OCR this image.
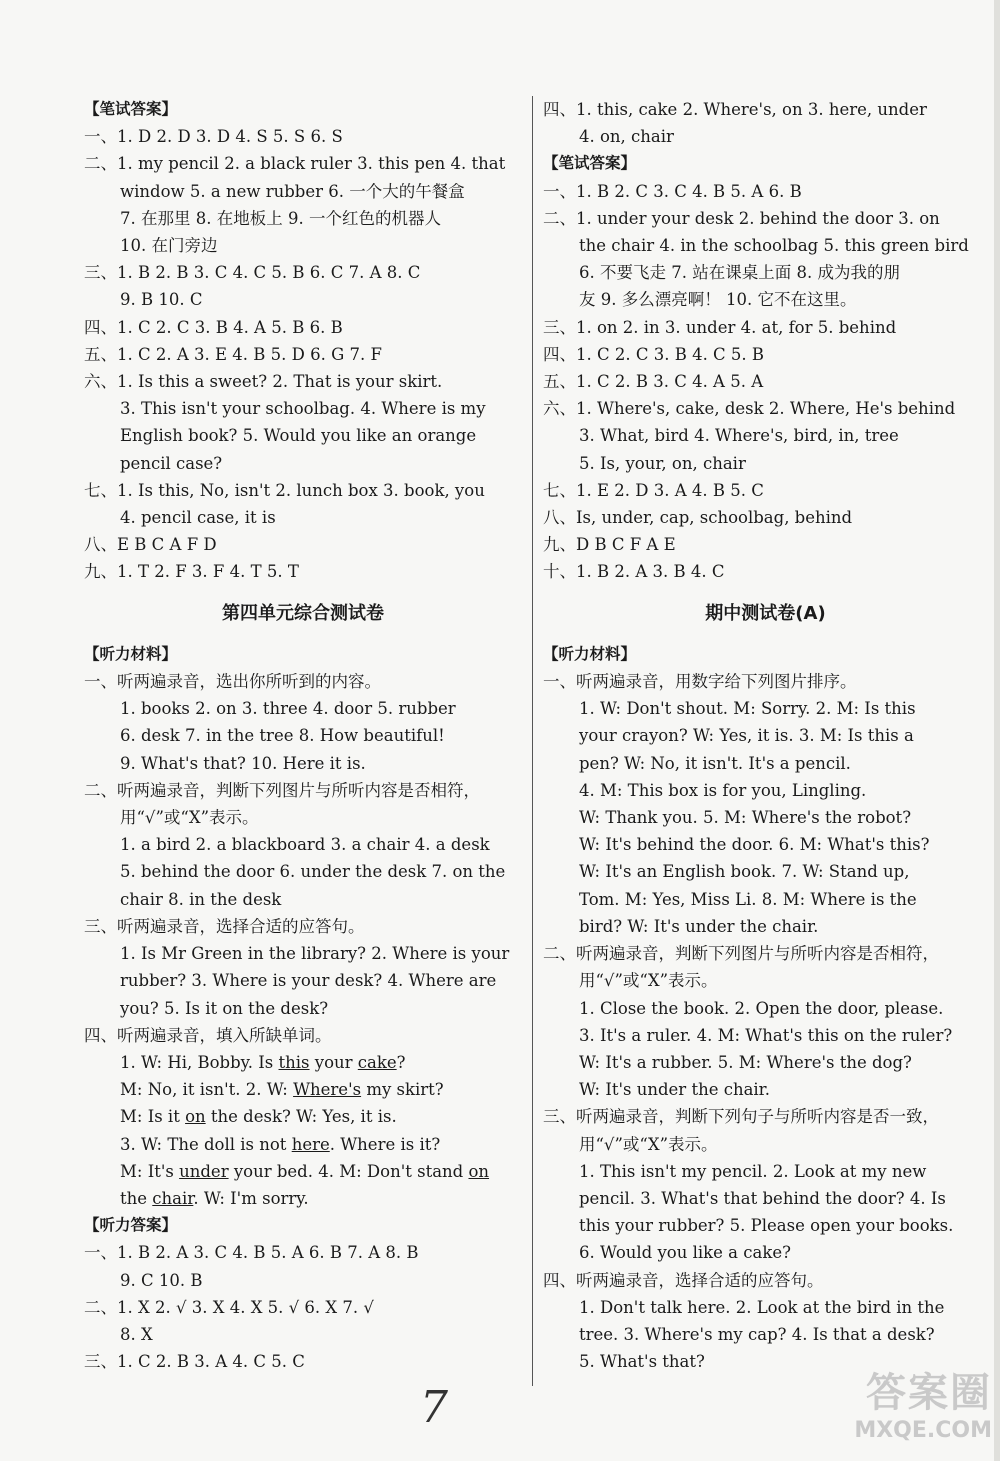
【笔试答案】
一、1. D 2. D 3. D 4. S 5. S 6. S
二、1. my pencil 2. a black ruler 3. this pen 4. that
window 5. a new rubber 6. 一个大的午餐盒
7. 在那里 8. 在地板上 9. 一个红色的机器人
10. 在门旁边
三、1. B 2. B 3. C 4. C 5. B 6. C 7. A 8. C
9. B 10. C
四、1. C 2. C 3. B 4. A 5. B 6. B
五、1. C 2. A 3. E 4. B 5. D 6. G 7. F
六、1. Is this a sweet? 2. That is your skirt.
3. This isn't your schoolbag. 4. Where is my
English book? 5. Would you like an orange
pencil case?
七、1. Is this, No, isn't 2. lunch box 3. book, you
4. pencil case, it is
八、E B C A F D
九、1. T 2. F 3. F 4. T 5. T
第四单元综合测试卷
【听力材料】
一、听两遍录音，选出你所听到的内容。
1. books 2. on 3. three 4. door 5. rubber
6. desk 7. in the tree 8. How beautiful!
9. What's that? 10. Here it is.
二、听两遍录音，判断下列图片与所听内容是否相符，
用“√”或“X”表示。
1. a bird 2. a blackboard 3. a chair 4. a desk
5. behind the door 6. under the desk 7. on the
chair 8. in the desk
三、听两遍录音，选择合适的应答句。
1. Is Mr Green in the library? 2. Where is your
rubber? 3. Where is your desk? 4. Where are
you? 5. Is it on the desk?
四、听两遍录音，填入所缺单词。
1. W: Hi, Bobby. Is this your cake?
M: No, it isn't. 2. W: Where's my skirt?
M: Is it on the desk? W: Yes, it is.
3. W: The doll is not here. Where is it?
M: It's under your bed. 4. M: Don't stand on
the chair. W: I'm sorry.
【听力答案】
一、1. B 2. A 3. C 4. B 5. A 6. B 7. A 8. B
9. C 10. B
二、1. X 2. √ 3. X 4. X 5. √ 6. X 7. √
8. X
三、1. C 2. B 3. A 4. C 5. C
四、1. this, cake 2. Where's, on 3. here, under
4. on, chair
【笔试答案】
一、1. B 2. C 3. C 4. B 5. A 6. B
二、1. under your desk 2. behind the door 3. on
the chair 4. in the schoolbag 5. this green bird
6. 不要飞走 7. 站在课桌上面 8. 成为我的朋
友 9. 多么漂亮啊！ 10. 它不在这里。
三、1. on 2. in 3. under 4. at, for 5. behind
四、1. C 2. C 3. B 4. C 5. B
五、1. C 2. B 3. C 4. A 5. A
六、1. Where's, cake, desk 2. Where, He's behind
3. What, bird 4. Where's, bird, in, tree
5. Is, your, on, chair
七、1. E 2. D 3. A 4. B 5. C
八、Is, under, cap, schoolbag, behind
九、D B C F A E
十、1. B 2. A 3. B 4. C
期中测试卷(A)
【听力材料】
一、听两遍录音，用数字给下列图片排序。
1. W: Don't shout. M: Sorry. 2. M: Is this
your crayon? W: Yes, it is. 3. M: Is this a
pen? W: No, it isn't. It's a pencil.
4. M: This box is for you, Lingling.
W: Thank you. 5. M: Where's the robot?
W: It's behind the door. 6. M: What's this?
W: It's an English book. 7. W: Stand up,
Tom. M: Yes, Miss Li. 8. M: Where is the
bird? W: It's under the chair.
二、听两遍录音，判断下列图片与所听内容是否相符，
用“√”或“X”表示。
1. Close the book. 2. Open the door, please.
3. It's a ruler. 4. M: What's this on the ruler?
W: It's a rubber. 5. M: Where's the dog?
W: It's under the chair.
三、听两遍录音，判断下列句子与所听内容是否一致，
用“√”或“X”表示。
1. This isn't my pencil. 2. Look at my new
pencil. 3. What's that behind the door? 4. Is
this your rubber? 5. Please open your books.
6. Would you like a cake?
四、听两遍录音，选择合适的应答句。
1. Don't talk here. 2. Look at the bird in the
tree. 3. Where's my cap? 4. Is that a desk?
5. What's that?
7	答案圈
MXQE.COM
